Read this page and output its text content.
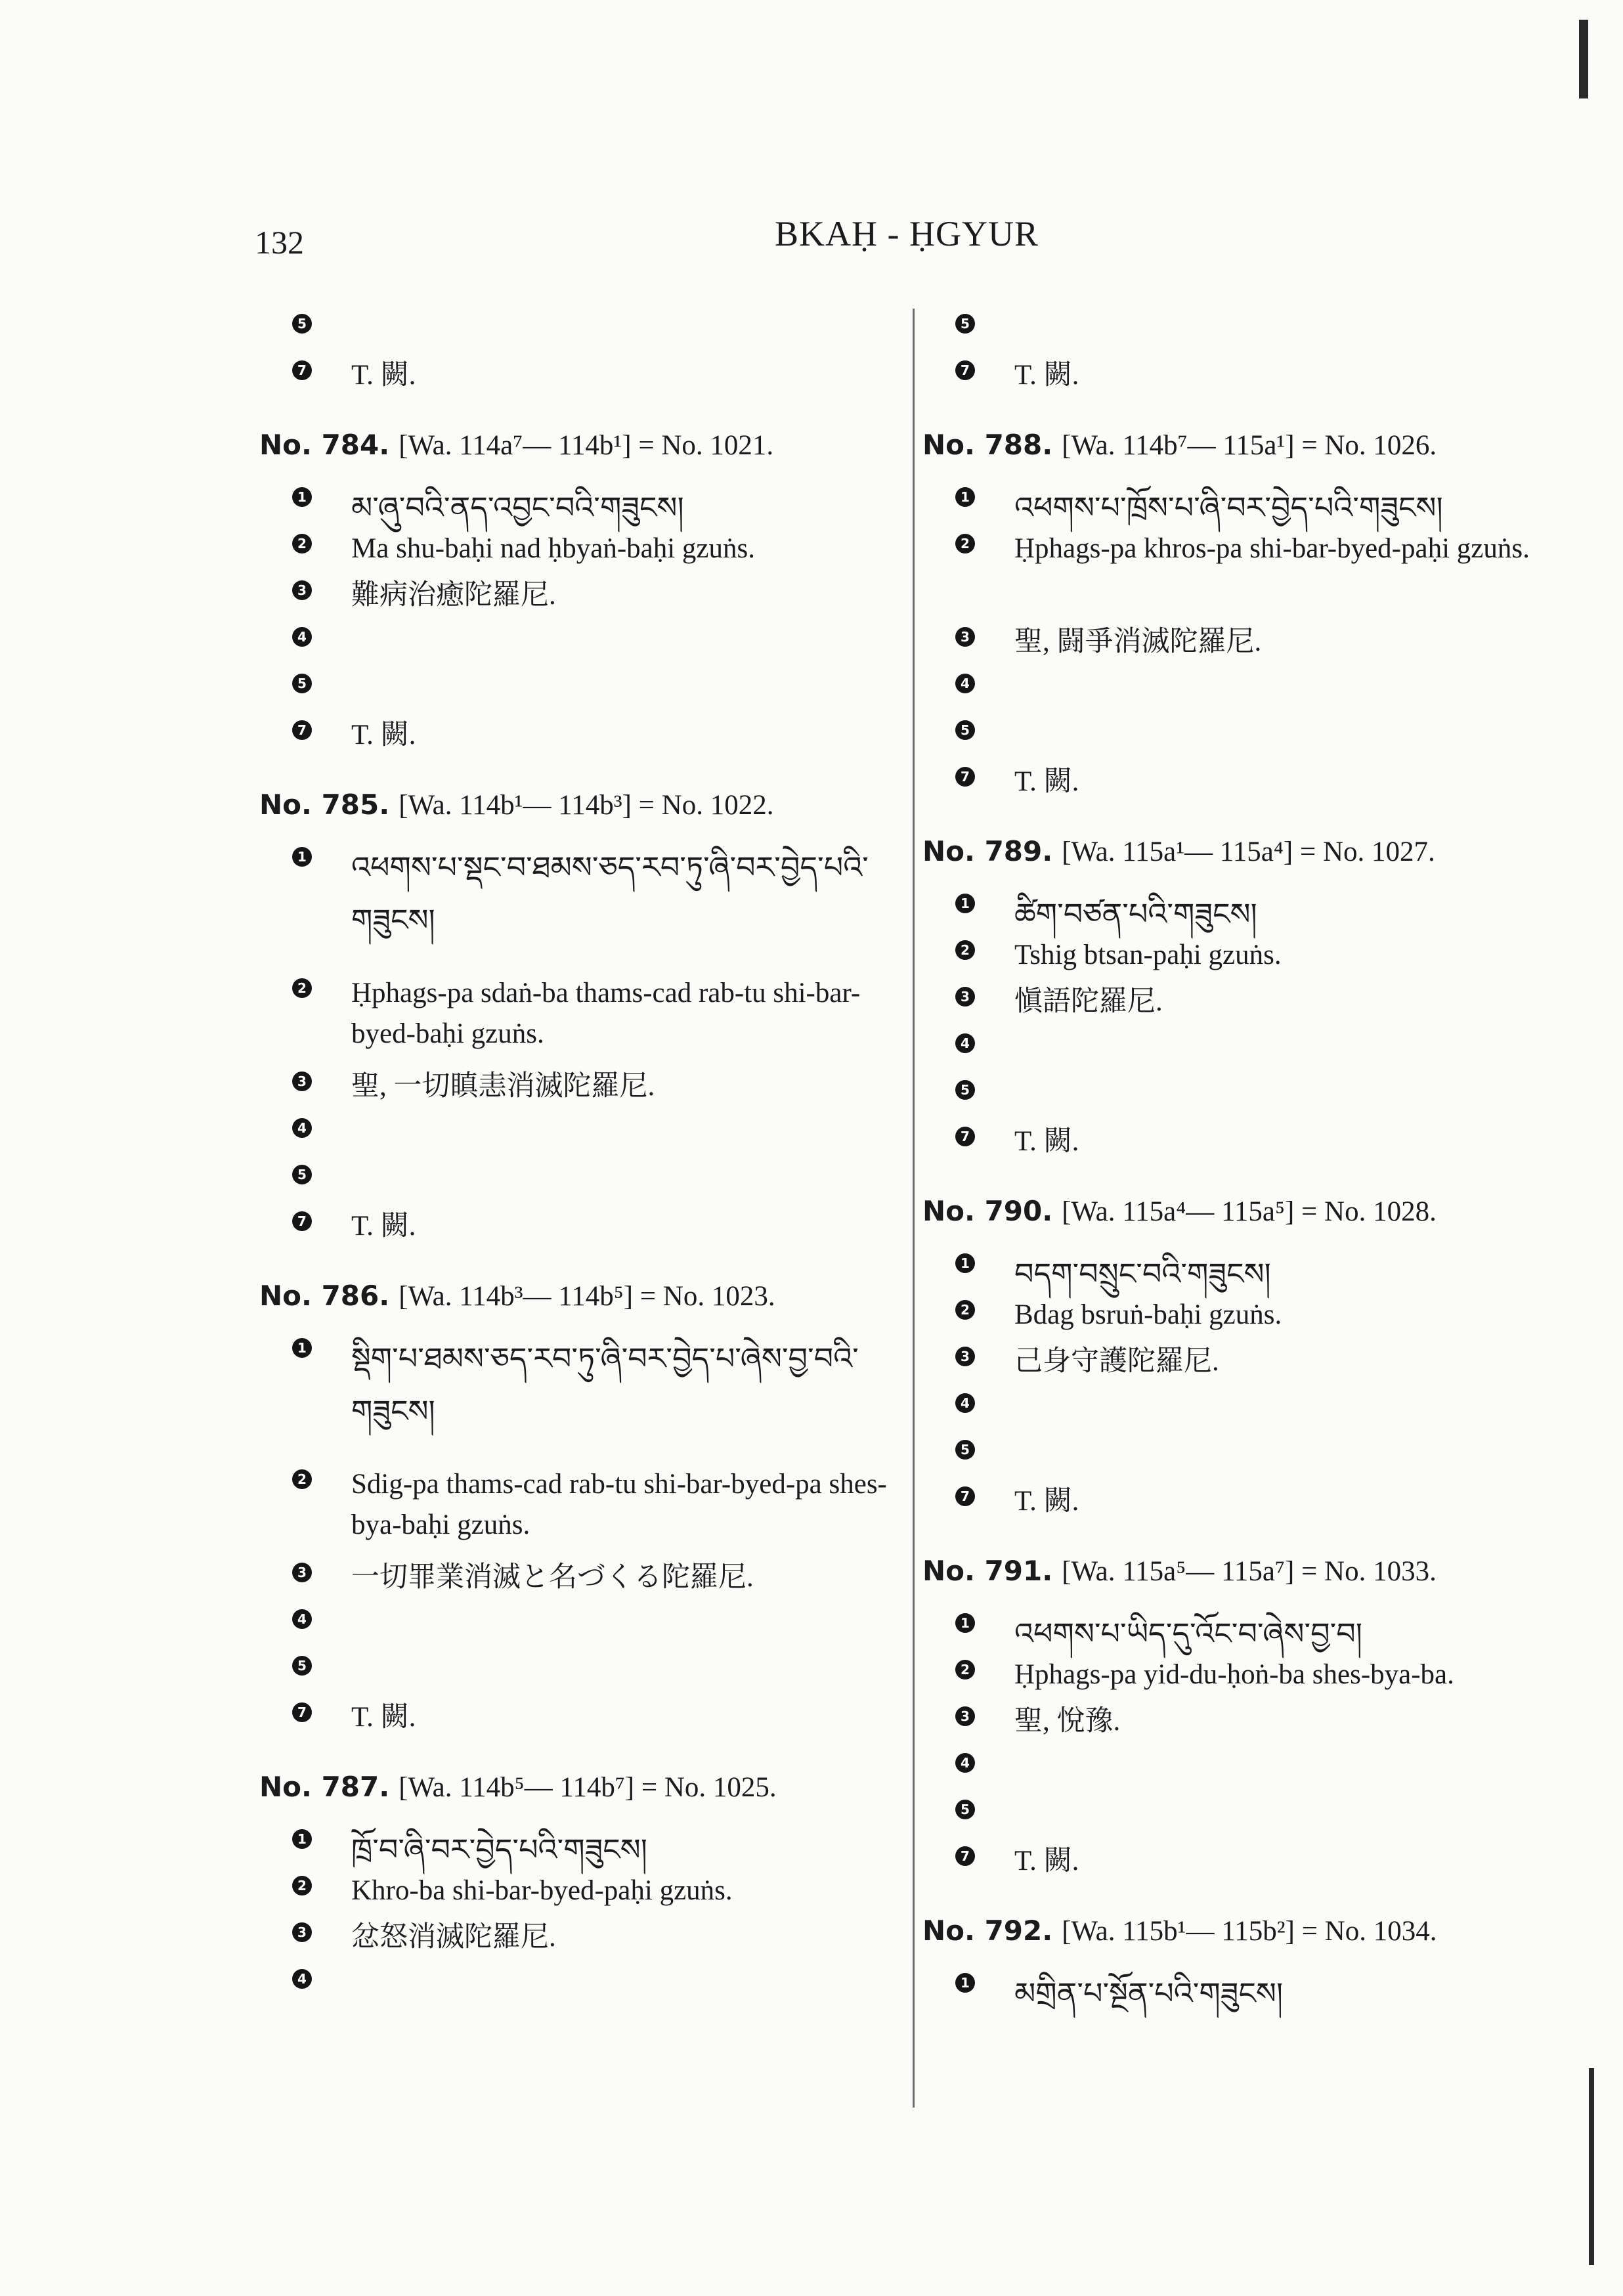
132	BKAḤ - ḤGYUR
5
7 T. 闕.
No. 784. [Wa. 114a⁷— 114b¹] = No. 1021.
1 མ་ཞུ་བའི་ནད་འབྱང་བའི་གཟུངས།
2 Ma shu-baḥi nad ḥbyaṅ-baḥi gzuṅs.
3 難病治癒陀羅尼.
4
5
7 T. 闕.
No. 785. [Wa. 114b¹— 114b³] = No. 1022.
1 འཕགས་པ་སྡང་བ་ཐམས་ཅད་རབ་ཏུ་ཞི་བར་བྱེད་པའི་གཟུངས།
2 Ḥphags-pa sdaṅ-ba thams-cad rab-tu shi-bar-byed-baḥi gzuṅs.
3 聖, 一切瞋恚消滅陀羅尼.
4
5
7 T. 闕.
No. 786. [Wa. 114b³— 114b⁵] = No. 1023.
1 སྡིག་པ་ཐམས་ཅད་རབ་ཏུ་ཞི་བར་བྱེད་པ་ཞེས་བྱ་བའི་གཟུངས།
2 Sdig-pa thams-cad rab-tu shi-bar-byed-pa shes-bya-baḥi gzuṅs.
3 一切罪業消滅と名づくる陀羅尼.
4
5
7 T. 闕.
No. 787. [Wa. 114b⁵— 114b⁷] = No. 1025.
1 ཁྲོ་བ་ཞི་བར་བྱེད་པའི་གཟུངས།
2 Khro-ba shi-bar-byed-paḥi gzuṅs.
3 忿怒消滅陀羅尼.
4
5
7 T. 闕.
No. 788. [Wa. 114b⁷— 115a¹] = No. 1026.
1 འཕགས་པ་ཁྲོས་པ་ཞི་བར་བྱེད་པའི་གཟུངས།
2 Ḥphags-pa khros-pa shi-bar-byed-paḥi gzuṅs.
3 聖, 闘爭消滅陀羅尼.
4
5
7 T. 闕.
No. 789. [Wa. 115a¹— 115a⁴] = No. 1027.
1 ཚིག་བཙན་པའི་གཟུངས།
2 Tshig btsan-paḥi gzuṅs.
3 愼語陀羅尼.
4
5
7 T. 闕.
No. 790. [Wa. 115a⁴— 115a⁵] = No. 1028.
1 བདག་བསྲུང་བའི་གཟུངས།
2 Bdag bsruṅ-baḥi gzuṅs.
3 己身守護陀羅尼.
4
5
7 T. 闕.
No. 791. [Wa. 115a⁵— 115a⁷] = No. 1033.
1 འཕགས་པ་ཡིད་དུ་འོང་བ་ཞེས་བྱ་བ།
2 Ḥphags-pa yid-du-ḥoṅ-ba shes-bya-ba.
3 聖, 悅豫.
4
5
7 T. 闕.
No. 792. [Wa. 115b¹— 115b²] = No. 1034.
1 མགྲིན་པ་སྔོན་པའི་གཟུངས།
